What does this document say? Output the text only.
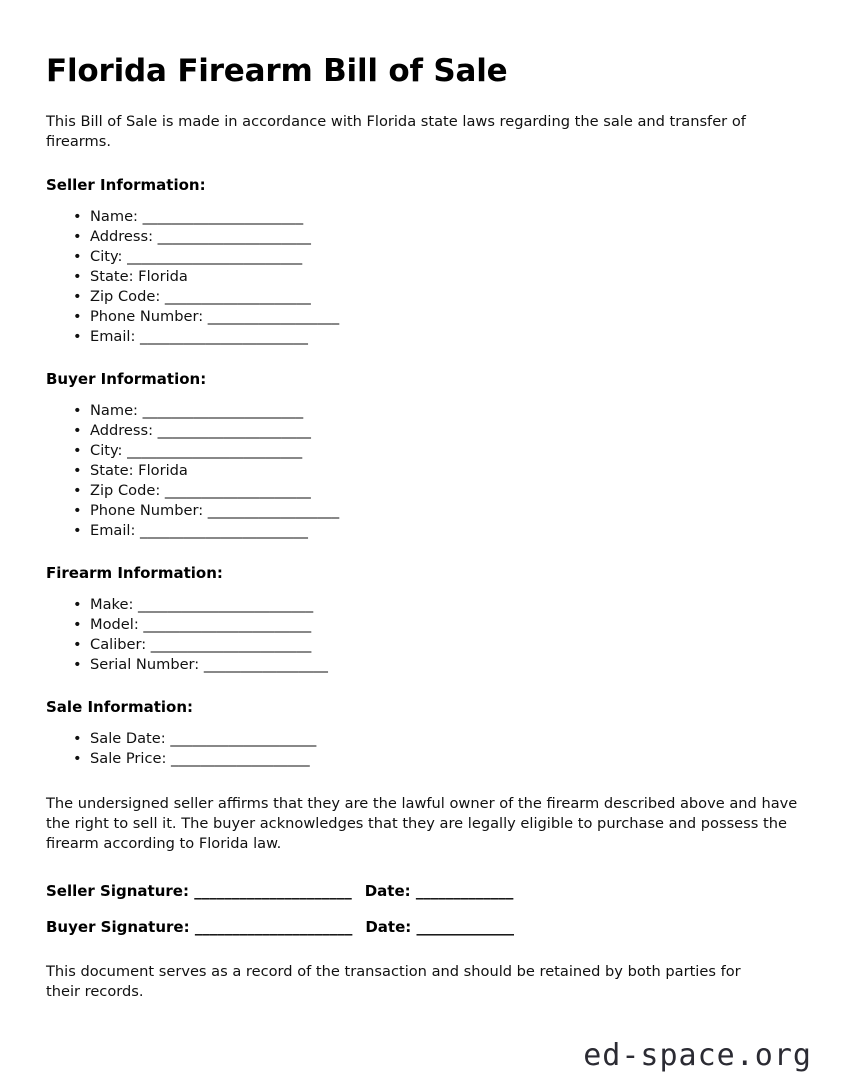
Florida Firearm Bill of Sale

This Bill of Sale is made in accordance with Florida state laws regarding the sale and transfer of firearms.

Seller Information:
• Name: ______________________
• Address: _____________________
• City: ________________________
• State: Florida
• Zip Code: ____________________
• Phone Number: __________________
• Email: _______________________
Buyer Information:
• Name: ______________________
• Address: _____________________
• City: ________________________
• State: Florida
• Zip Code: ____________________
• Phone Number: __________________
• Email: _______________________
Firearm Information:
• Make: ________________________
• Model: _______________________
• Caliber: ______________________
• Serial Number: _________________
Sale Information:
• Sale Date: ____________________
• Sale Price: ___________________

The undersigned seller affirms that they are the lawful owner of the firearm described above and have the right to sell it. The buyer acknowledges that they are legally eligible to purchase and possess the firearm according to Florida law.

Seller Signature: _____________________ Date: _____________
Buyer Signature: _____________________ Date: _____________

This document serves as a record of the transaction and should be retained by both parties for their records.

ed-space.org
